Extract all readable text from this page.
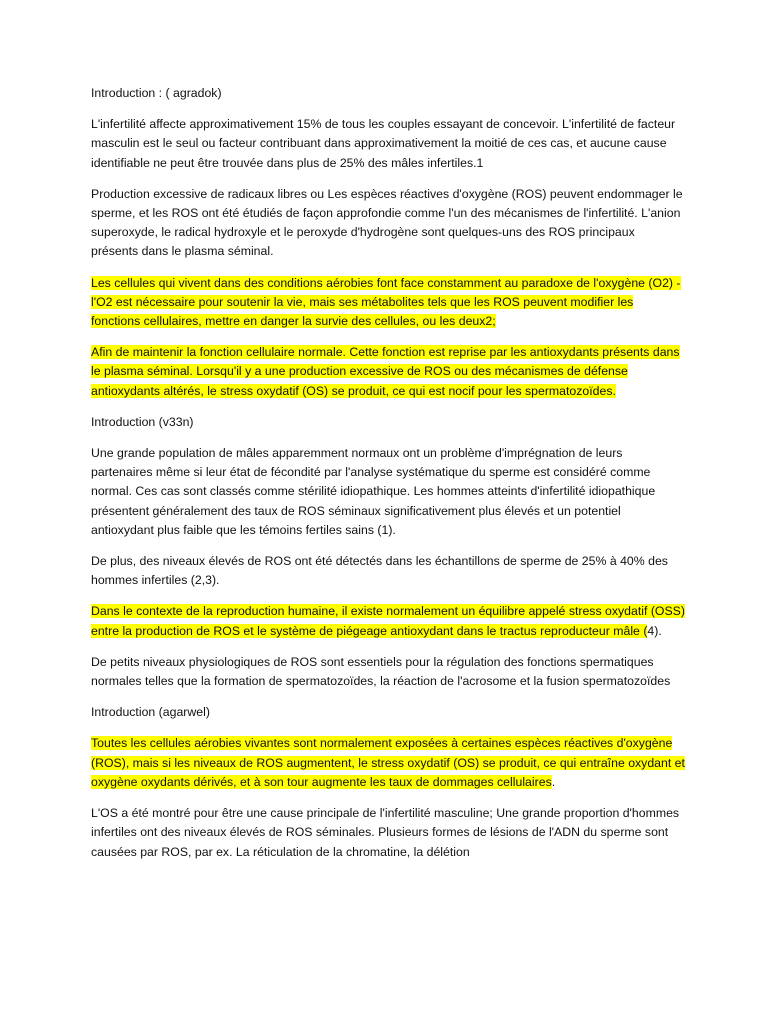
Introduction : ( agradok)

L'infertilité affecte approximativement 15% de tous les couples essayant de concevoir. L'infertilité de facteur masculin est le seul ou facteur contribuant dans approximativement la moitié de ces cas, et aucune cause identifiable ne peut être trouvée dans plus de 25% des mâles infertiles.1

Production excessive de radicaux libres ou Les espèces réactives d'oxygène (ROS) peuvent endommager le sperme, et les ROS ont été étudiés de façon approfondie comme l'un des mécanismes de l'infertilité. L'anion superoxyde, le radical hydroxyle et le peroxyde d'hydrogène sont quelques-uns des ROS principaux présents dans le plasma séminal.

Les cellules qui vivent dans des conditions aérobies font face constamment au paradoxe de l'oxygène (O2) - l'O2 est nécessaire pour soutenir la vie, mais ses métabolites tels que les ROS peuvent modifier les fonctions cellulaires, mettre en danger la survie des cellules, ou les deux2;

Afin de maintenir la fonction cellulaire normale. Cette fonction est reprise par les antioxydants présents dans le plasma séminal. Lorsqu'il y a une production excessive de ROS ou des mécanismes de défense antioxydants altérés, le stress oxydatif (OS) se produit, ce qui est nocif pour les spermatozoïdes.

Introduction (v33n)

Une grande population de mâles apparemment normaux ont un problème d'imprégnation de leurs partenaires même si leur état de fécondité par l'analyse systématique du sperme est considéré comme normal. Ces cas sont classés comme stérilité idiopathique. Les hommes atteints d'infertilité idiopathique présentent généralement des taux de ROS séminaux significativement plus élevés et un potentiel antioxydant plus faible que les témoins fertiles sains (1).

De plus, des niveaux élevés de ROS ont été détectés dans les échantillons de sperme de 25% à 40% des hommes infertiles (2,3).

Dans le contexte de la reproduction humaine, il existe normalement un équilibre appelé stress oxydatif (OSS) entre la production de ROS et le système de piégeage antioxydant dans le tractus reproducteur mâle (4).

De petits niveaux physiologiques de ROS sont essentiels pour la régulation des fonctions spermatiques normales telles que la formation de spermatozoïdes, la réaction de l'acrosome et la fusion spermatozoïdes

Introduction (agarwel)

Toutes les cellules aérobies vivantes sont normalement exposées à certaines espèces réactives d'oxygène (ROS), mais si les niveaux de ROS augmentent, le stress oxydatif (OS) se produit, ce qui entraîne oxydant et oxygène oxydants dérivés, et à son tour augmente les taux de dommages cellulaires.

L'OS a été montré pour être une cause principale de l'infertilité masculine; Une grande proportion d'hommes infertiles ont des niveaux élevés de ROS séminales. Plusieurs formes de lésions de l'ADN du sperme sont causées par ROS, par ex. La réticulation de la chromatine, la délétion
